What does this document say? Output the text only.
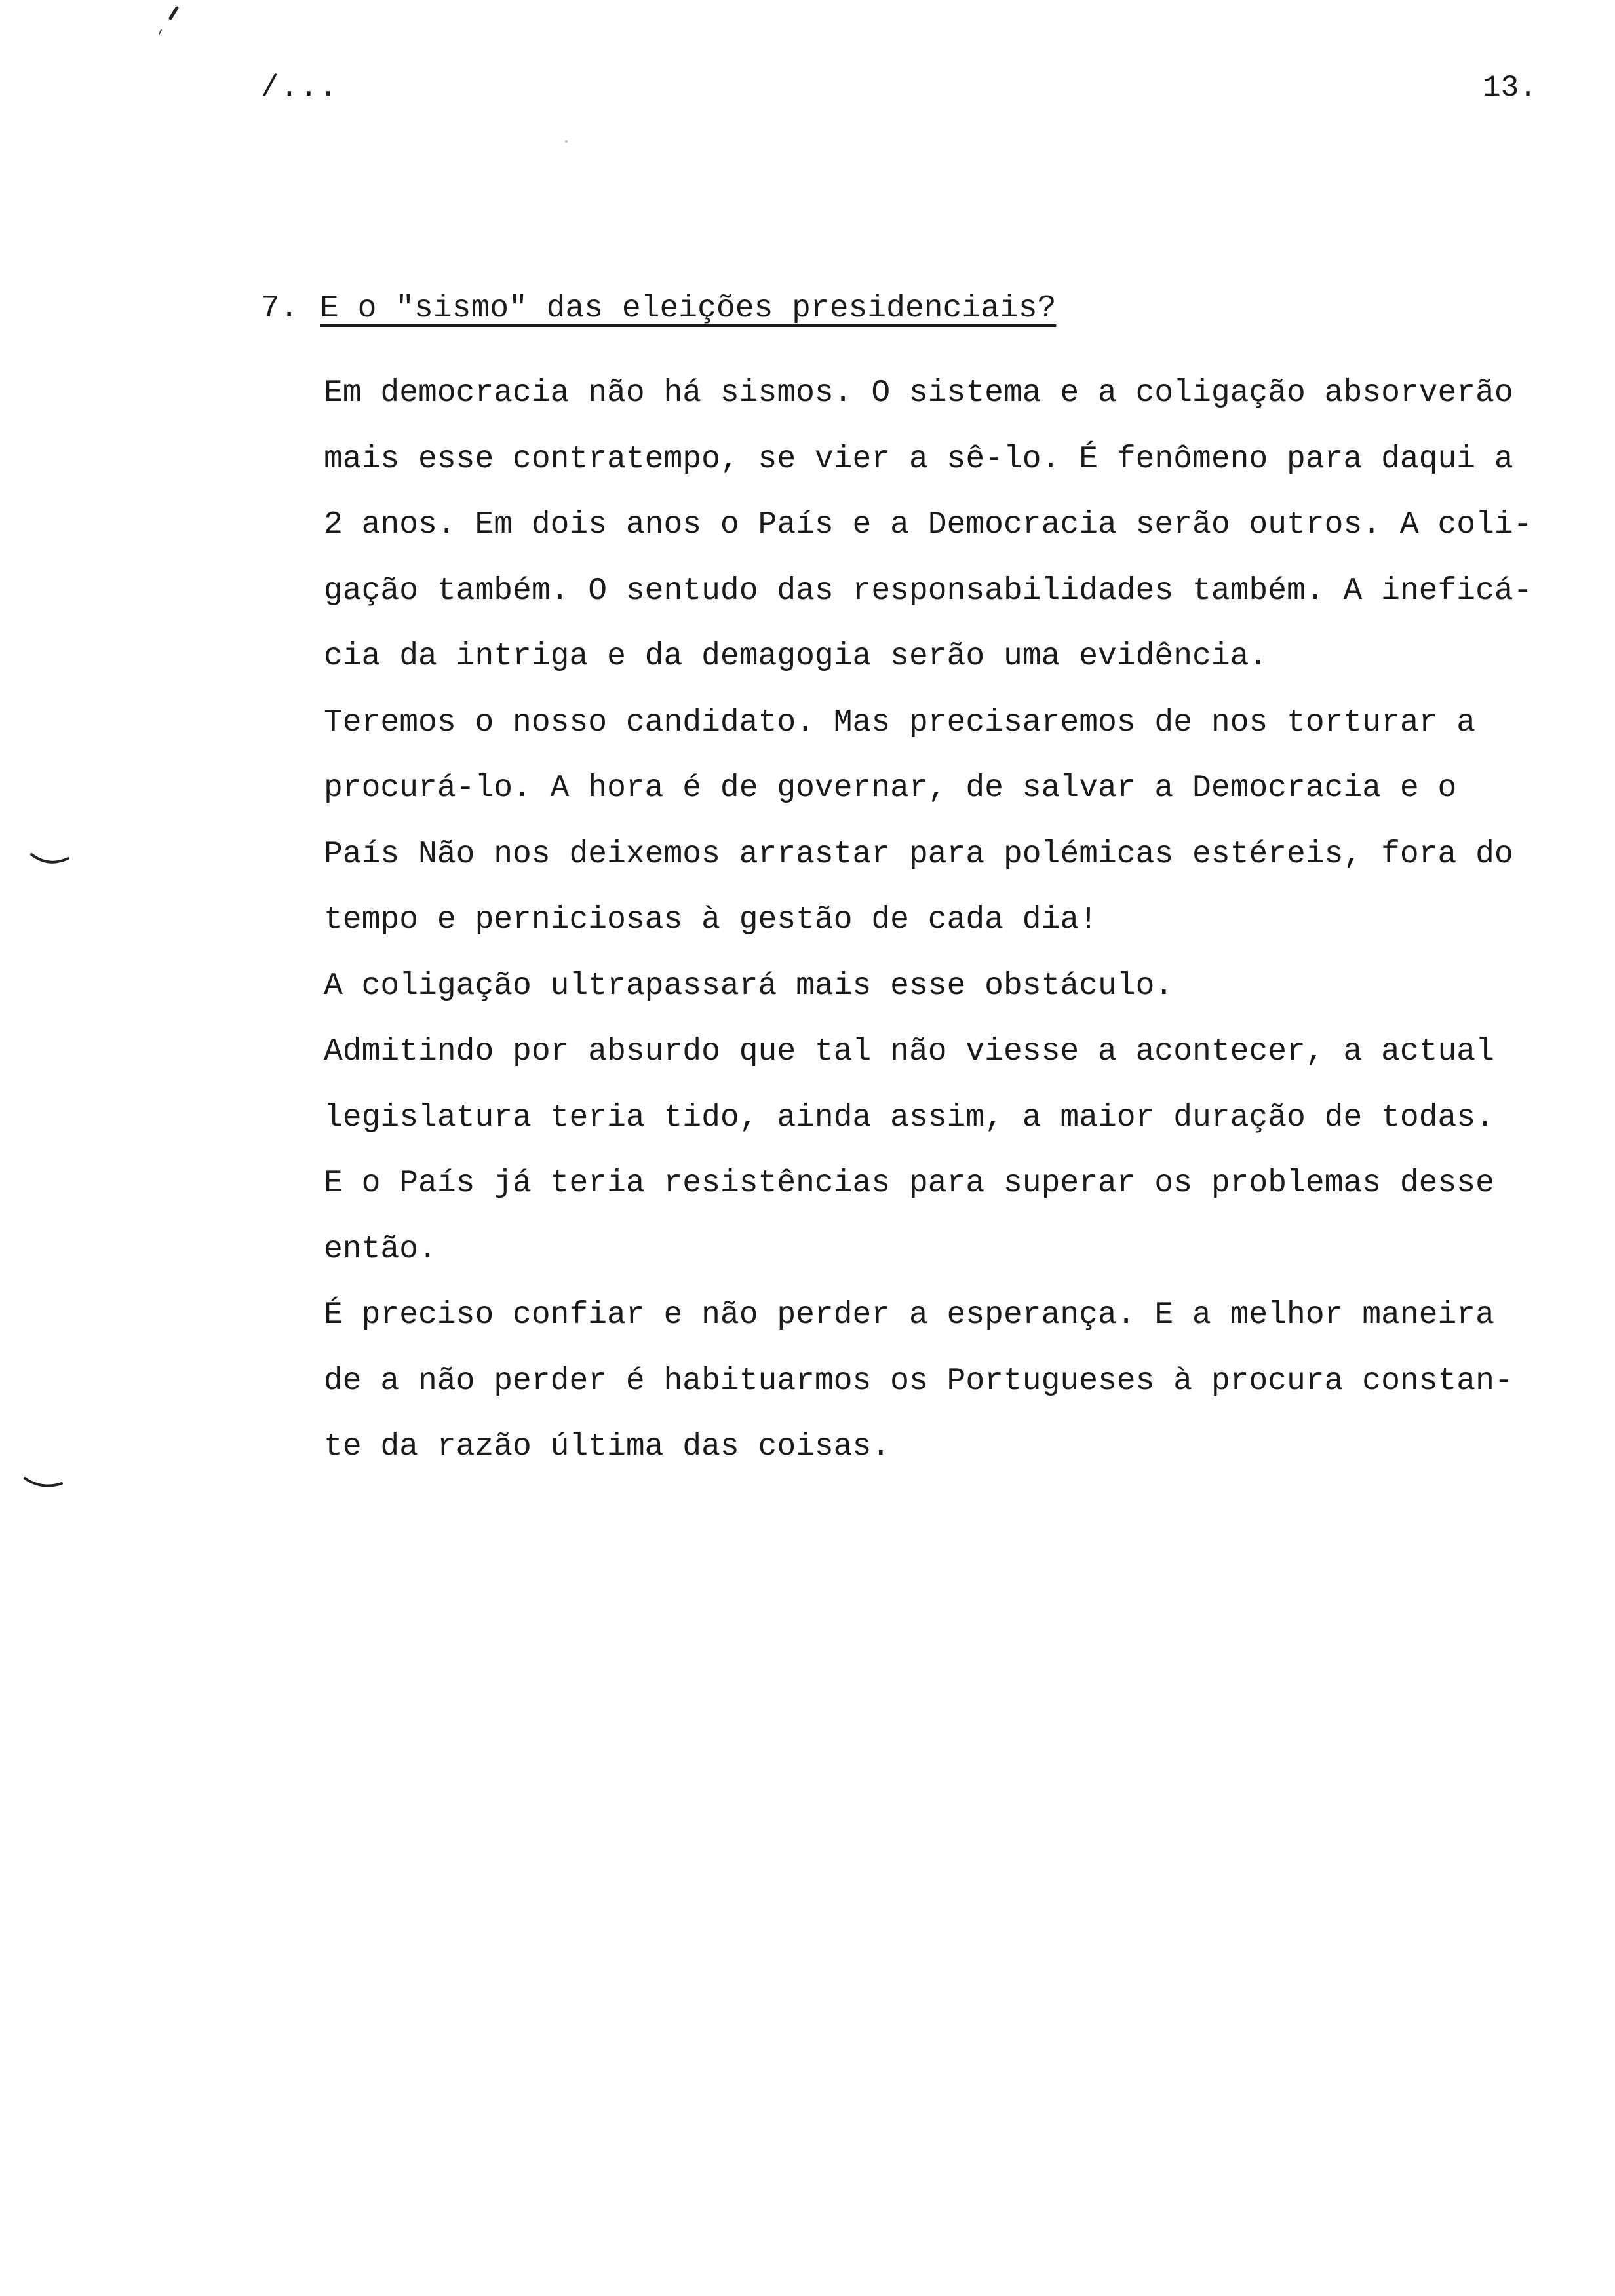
/...	13.
7. E o "sismo" das eleições presidenciais?
Em democracia não há sismos. O sistema e a coligação absorverão
mais esse contratempo, se vier a sê-lo. É fenômeno para daqui a
2 anos. Em dois anos o País e a Democracia serão outros. A coli-
gação também. O sentudo das responsabilidades também. A ineficá-
cia da intriga e da demagogia serão uma evidência.
Teremos o nosso candidato. Mas precisaremos de nos torturar a
procurá-lo. A hora é de governar, de salvar a Democracia e o
País Não nos deixemos arrastar para polémicas estéreis, fora do
tempo e perniciosas à gestão de cada dia!
A coligação ultrapassará mais esse obstáculo.
Admitindo por absurdo que tal não viesse a acontecer, a actual
legislatura teria tido, ainda assim, a maior duração de todas.
E o País já teria resistências para superar os problemas desse
então.
É preciso confiar e não perder a esperança. E a melhor maneira
de a não perder é habituarmos os Portugueses à procura constan-
te da razão última das coisas.
